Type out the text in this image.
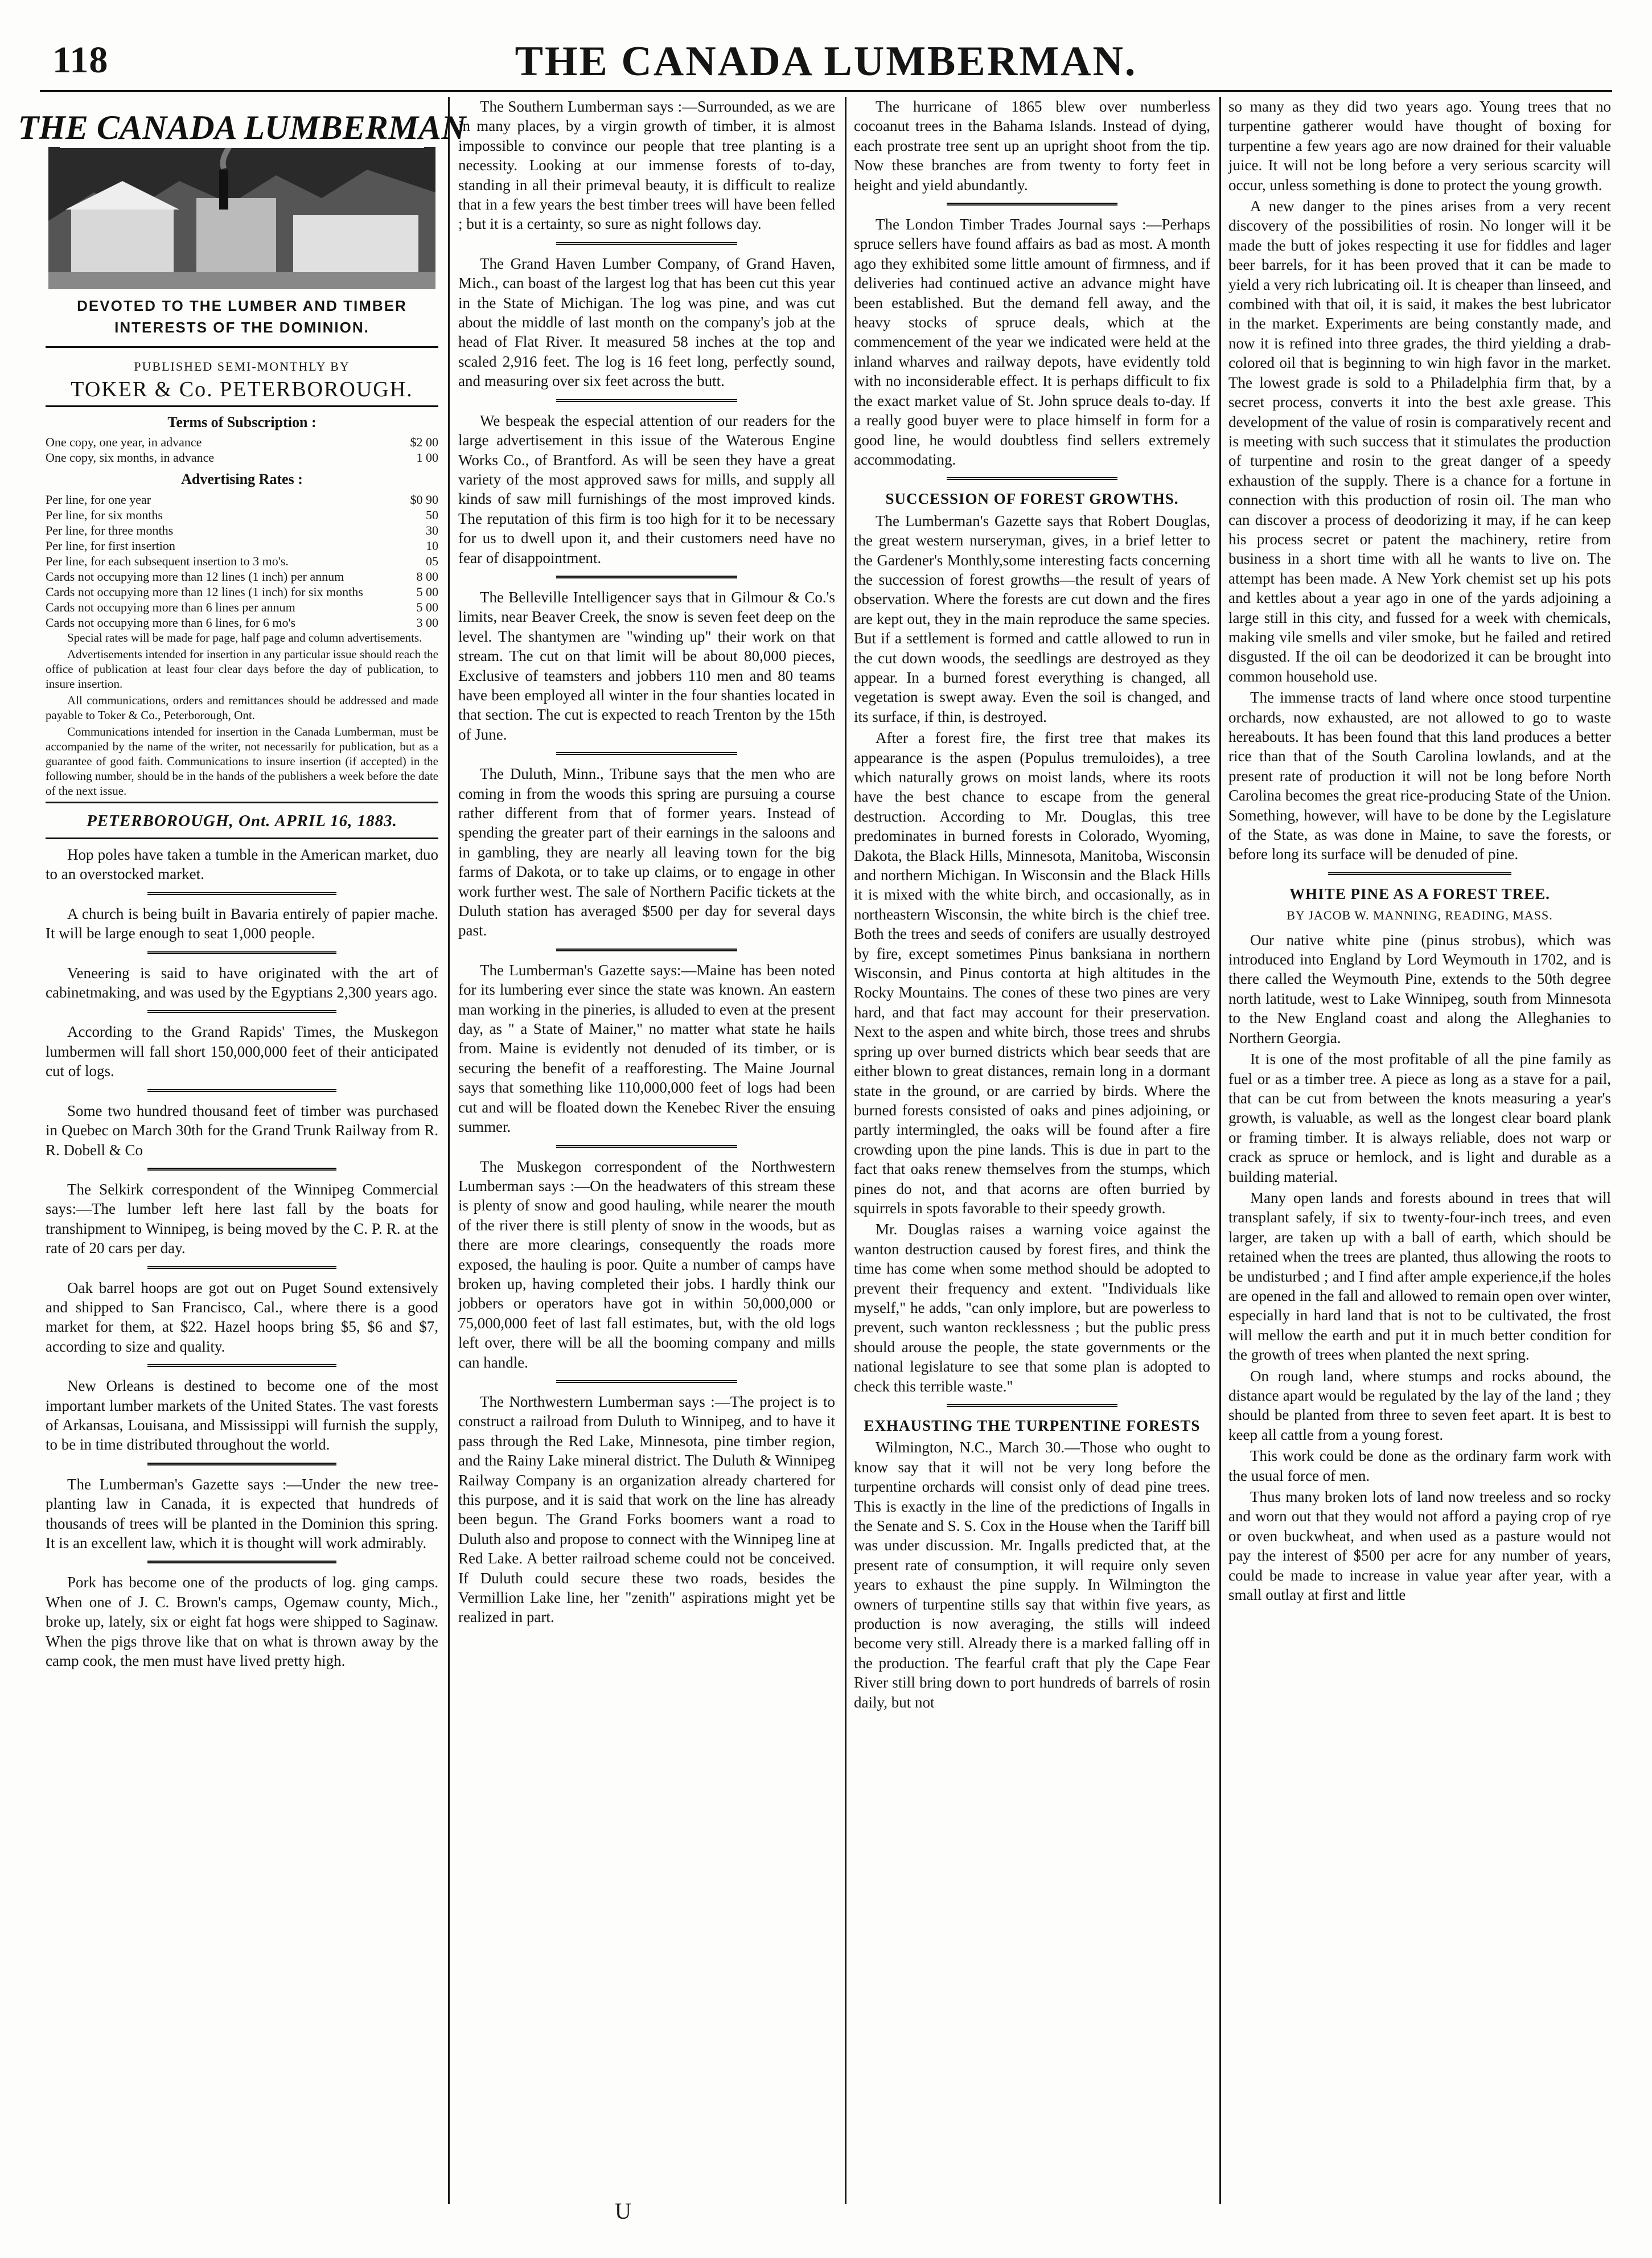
118	THE CANADA LUMBERMAN.
THE CANADA LUMBERMAN
DEVOTED TO THE LUMBER AND TIMBER
INTERESTS OF THE DOMINION.
PUBLISHED SEMI-MONTHLY BY
TOKER & Co. PETERBOROUGH.
Terms of Subscription :
One copy, one year, in advance	$2 00
One copy, six months, in advance	1 00
Advertising Rates :
Per line, for one year	$0 90
Per line, for six months	50
Per line, for three months	30
Per line, for first insertion	10
Per line, for each subsequent insertion to 3 mo's.	05
Cards not occupying more than 12 lines (1 inch) per annum	8 00
Cards not occupying more than 12 lines (1 inch) for six months	5 00
Cards not occupying more than 6 lines per annum	5 00
Cards not occupying more than 6 lines, for 6 mo's	3 00

Special rates will be made for page, half page and column advertisements.

Advertisements intended for insertion in any particular issue should reach the office of publication at least four clear days before the day of publication, to insure insertion.

All communications, orders and remittances should be addressed and made payable to Toker & Co., Peterborough, Ont.

Communications intended for insertion in the Canada Lumberman, must be accompanied by the name of the writer, not necessarily for publication, but as a guarantee of good faith. Communications to insure insertion (if accepted) in the following number, should be in the hands of the publishers a week before the date of the next issue.

PETERBOROUGH, Ont. APRIL 16, 1883.

Hop poles have taken a tumble in the American market, duo to an overstocked market.

A church is being built in Bavaria entirely of papier mache. It will be large enough to seat 1,000 people.

Veneering is said to have originated with the art of cabinetmaking, and was used by the Egyptians 2,300 years ago.

According to the Grand Rapids' Times, the Muskegon lumbermen will fall short 150,000,000 feet of their anticipated cut of logs.

Some two hundred thousand feet of timber was purchased in Quebec on March 30th for the Grand Trunk Railway from R. R. Dobell & Co

The Selkirk correspondent of the Winnipeg Commercial says:—The lumber left here last fall by the boats for transhipment to Winnipeg, is being moved by the C. P. R. at the rate of 20 cars per day.

Oak barrel hoops are got out on Puget Sound extensively and shipped to San Francisco, Cal., where there is a good market for them, at $22. Hazel hoops bring $5, $6 and $7, according to size and quality.

New Orleans is destined to become one of the most important lumber markets of the United States. The vast forests of Arkansas, Louisana, and Mississippi will furnish the supply, to be in time distributed throughout the world.

The Lumberman's Gazette says :—Under the new tree-planting law in Canada, it is expected that hundreds of thousands of trees will be planted in the Dominion this spring. It is an excellent law, which it is thought will work admirably.

Pork has become one of the products of log. ging camps. When one of J. C. Brown's camps, Ogemaw county, Mich., broke up, lately, six or eight fat hogs were shipped to Saginaw. When the pigs throve like that on what is thrown away by the camp cook, the men must have lived pretty high.

The Southern Lumberman says :—Surrounded, as we are in many places, by a virgin growth of timber, it is almost impossible to convince our people that tree planting is a necessity. Looking at our immense forests of to-day, standing in all their primeval beauty, it is difficult to realize that in a few years the best timber trees will have been felled ; but it is a certainty, so sure as night follows day.

The Grand Haven Lumber Company, of Grand Haven, Mich., can boast of the largest log that has been cut this year in the State of Michigan. The log was pine, and was cut about the middle of last month on the company's job at the head of Flat River. It measured 58 inches at the top and scaled 2,916 feet. The log is 16 feet long, perfectly sound, and measuring over six feet across the butt.

We bespeak the especial attention of our readers for the large advertisement in this issue of the Waterous Engine Works Co., of Brantford. As will be seen they have a great variety of the most approved saws for mills, and supply all kinds of saw mill furnishings of the most improved kinds. The reputation of this firm is too high for it to be necessary for us to dwell upon it, and their customers need have no fear of disappointment.

The Belleville Intelligencer says that in Gilmour & Co.'s limits, near Beaver Creek, the snow is seven feet deep on the level. The shantymen are "winding up" their work on that stream. The cut on that limit will be about 80,000 pieces, Exclusive of teamsters and jobbers 110 men and 80 teams have been employed all winter in the four shanties located in that section. The cut is expected to reach Trenton by the 15th of June.

The Duluth, Minn., Tribune says that the men who are coming in from the woods this spring are pursuing a course rather different from that of former years. Instead of spending the greater part of their earnings in the saloons and in gambling, they are nearly all leaving town for the big farms of Dakota, or to take up claims, or to engage in other work further west. The sale of Northern Pacific tickets at the Duluth station has averaged $500 per day for several days past.

The Lumberman's Gazette says:—Maine has been noted for its lumbering ever since the state was known. An eastern man working in the pineries, is alluded to even at the present day, as " a State of Mainer," no matter what state he hails from. Maine is evidently not denuded of its timber, or is securing the benefit of a reafforesting. The Maine Journal says that something like 110,000,000 feet of logs had been cut and will be floated down the Kenebec River the ensuing summer.

The Muskegon correspondent of the Northwestern Lumberman says :—On the headwaters of this stream these is plenty of snow and good hauling, while nearer the mouth of the river there is still plenty of snow in the woods, but as there are more clearings, consequently the roads more exposed, the hauling is poor. Quite a number of camps have broken up, having completed their jobs. I hardly think our jobbers or operators have got in within 50,000,000 or 75,000,000 feet of last fall estimates, but, with the old logs left over, there will be all the booming company and mills can handle.

The Northwestern Lumberman says :—The project is to construct a railroad from Duluth to Winnipeg, and to have it pass through the Red Lake, Minnesota, pine timber region, and the Rainy Lake mineral district. The Duluth & Winnipeg Railway Company is an organization already chartered for this purpose, and it is said that work on the line has already been begun. The Grand Forks boomers want a road to Duluth also and propose to connect with the Winnipeg line at Red Lake. A better railroad scheme could not be conceived. If Duluth could secure these two roads, besides the Vermillion Lake line, her "zenith" aspirations might yet be realized in part.

The hurricane of 1865 blew over numberless cocoanut trees in the Bahama Islands. Instead of dying, each prostrate tree sent up an upright shoot from the tip. Now these branches are from twenty to forty feet in height and yield abundantly.

The London Timber Trades Journal says :—Perhaps spruce sellers have found affairs as bad as most. A month ago they exhibited some little amount of firmness, and if deliveries had continued active an advance might have been established. But the demand fell away, and the heavy stocks of spruce deals, which at the commencement of the year we indicated were held at the inland wharves and railway depots, have evidently told with no inconsiderable effect. It is perhaps difficult to fix the exact market value of St. John spruce deals to-day. If a really good buyer were to place himself in form for a good line, he would doubtless find sellers extremely accommodating.

SUCCESSION OF FOREST GROWTHS.

The Lumberman's Gazette says that Robert Douglas, the great western nurseryman, gives, in a brief letter to the Gardener's Monthly,some interesting facts concerning the succession of forest growths—the result of years of observation. Where the forests are cut down and the fires are kept out, they in the main reproduce the same species. But if a settlement is formed and cattle allowed to run in the cut down woods, the seedlings are destroyed as they appear. In a burned forest everything is changed, all vegetation is swept away. Even the soil is changed, and its surface, if thin, is destroyed.

After a forest fire, the first tree that makes its appearance is the aspen (Populus tremuloides), a tree which naturally grows on moist lands, where its roots have the best chance to escape from the general destruction. According to Mr. Douglas, this tree predominates in burned forests in Colorado, Wyoming, Dakota, the Black Hills, Minnesota, Manitoba, Wisconsin and northern Michigan. In Wisconsin and the Black Hills it is mixed with the white birch, and occasionally, as in northeastern Wisconsin, the white birch is the chief tree. Both the trees and seeds of conifers are usually destroyed by fire, except sometimes Pinus banksiana in northern Wisconsin, and Pinus contorta at high altitudes in the Rocky Mountains. The cones of these two pines are very hard, and that fact may account for their preservation. Next to the aspen and white birch, those trees and shrubs spring up over burned districts which bear seeds that are either blown to great distances, remain long in a dormant state in the ground, or are carried by birds. Where the burned forests consisted of oaks and pines adjoining, or partly intermingled, the oaks will be found after a fire crowding upon the pine lands. This is due in part to the fact that oaks renew themselves from the stumps, which pines do not, and that acorns are often burried by squirrels in spots favorable to their speedy growth.

Mr. Douglas raises a warning voice against the wanton destruction caused by forest fires, and think the time has come when some method should be adopted to prevent their frequency and extent. "Individuals like myself," he adds, "can only implore, but are powerless to prevent, such wanton recklessness ; but the public press should arouse the people, the state governments or the national legislature to see that some plan is adopted to check this terrible waste."

EXHAUSTING THE TURPENTINE FORESTS

Wilmington, N.C., March 30.—Those who ought to know say that it will not be very long before the turpentine orchards will consist only of dead pine trees. This is exactly in the line of the predictions of Ingalls in the Senate and S. S. Cox in the House when the Tariff bill was under discussion. Mr. Ingalls predicted that, at the present rate of consumption, it will require only seven years to exhaust the pine supply. In Wilmington the owners of turpentine stills say that within five years, as production is now averaging, the stills will indeed become very still. Already there is a marked falling off in the production. The fearful craft that ply the Cape Fear River still bring down to port hundreds of barrels of rosin daily, but not

so many as they did two years ago. Young trees that no turpentine gatherer would have thought of boxing for turpentine a few years ago are now drained for their valuable juice. It will not be long before a very serious scarcity will occur, unless something is done to protect the young growth.

A new danger to the pines arises from a very recent discovery of the possibilities of rosin. No longer will it be made the butt of jokes respecting it use for fiddles and lager beer barrels, for it has been proved that it can be made to yield a very rich lubricating oil. It is cheaper than linseed, and combined with that oil, it is said, it makes the best lubricator in the market. Experiments are being constantly made, and now it is refined into three grades, the third yielding a drab-colored oil that is beginning to win high favor in the market. The lowest grade is sold to a Philadelphia firm that, by a secret process, converts it into the best axle grease. This development of the value of rosin is comparatively recent and is meeting with such success that it stimulates the production of turpentine and rosin to the great danger of a speedy exhaustion of the supply. There is a chance for a fortune in connection with this production of rosin oil. The man who can discover a process of deodorizing it may, if he can keep his process secret or patent the machinery, retire from business in a short time with all he wants to live on. The attempt has been made. A New York chemist set up his pots and kettles about a year ago in one of the yards adjoining a large still in this city, and fussed for a week with chemicals, making vile smells and viler smoke, but he failed and retired disgusted. If the oil can be deodorized it can be brought into common household use.

The immense tracts of land where once stood turpentine orchards, now exhausted, are not allowed to go to waste hereabouts. It has been found that this land produces a better rice than that of the South Carolina lowlands, and at the present rate of production it will not be long before North Carolina becomes the great rice-producing State of the Union. Something, however, will have to be done by the Legislature of the State, as was done in Maine, to save the forests, or before long its surface will be denuded of pine.

WHITE PINE AS A FOREST TREE.
BY JACOB W. MANNING, READING, MASS.

Our native white pine (pinus strobus), which was introduced into England by Lord Weymouth in 1702, and is there called the Weymouth Pine, extends to the 50th degree north latitude, west to Lake Winnipeg, south from Minnesota to the New England coast and along the Alleghanies to Northern Georgia.

It is one of the most profitable of all the pine family as fuel or as a timber tree. A piece as long as a stave for a pail, that can be cut from between the knots measuring a year's growth, is valuable, as well as the longest clear board plank or framing timber. It is always reliable, does not warp or crack as spruce or hemlock, and is light and durable as a building material.

Many open lands and forests abound in trees that will transplant safely, if six to twenty-four-inch trees, and even larger, are taken up with a ball of earth, which should be retained when the trees are planted, thus allowing the roots to be undisturbed ; and I find after ample experience,if the holes are opened in the fall and allowed to remain open over winter, especially in hard land that is not to be cultivated, the frost will mellow the earth and put it in much better condition for the growth of trees when planted the next spring.

On rough land, where stumps and rocks abound, the distance apart would be regulated by the lay of the land ; they should be planted from three to seven feet apart. It is best to keep all cattle from a young forest.

This work could be done as the ordinary farm work with the usual force of men.

Thus many broken lots of land now treeless and so rocky and worn out that they would not afford a paying crop of rye or oven buckwheat, and when used as a pasture would not pay the interest of $500 per acre for any number of years, could be made to increase in value year after year, with a small outlay at first and little

U
